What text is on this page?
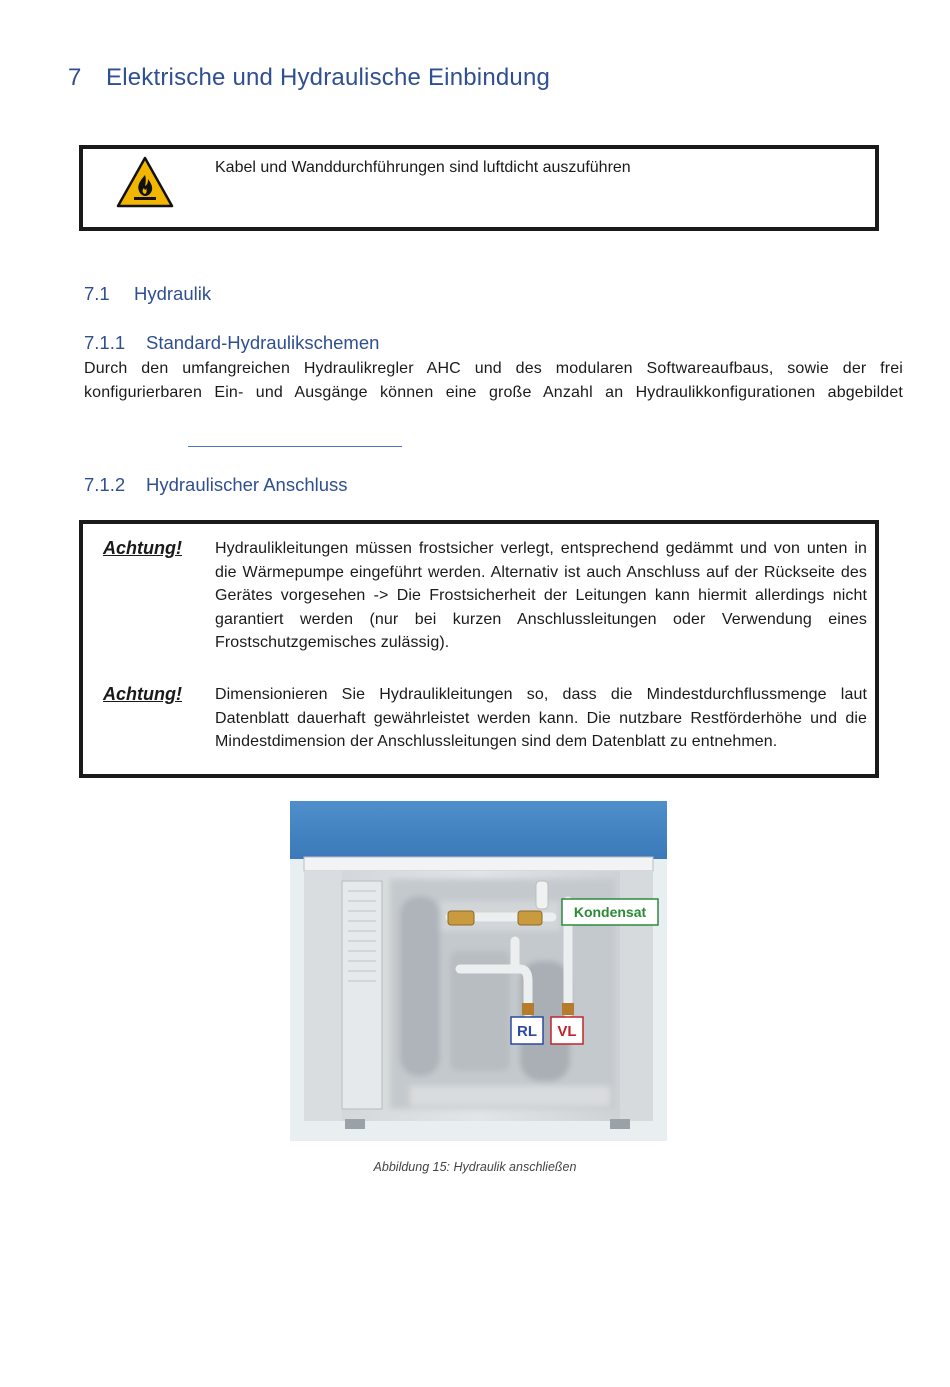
7 Elektrische und Hydraulische Einbindung
Kabel und Wanddurchführungen sind luftdicht auszuführen
7.1 Hydraulik
7.1.1 Standard-Hydraulikschemen
Durch den umfangreichen Hydraulikregler AHC und des modularen Softwareaufbaus, sowie der frei
konfigurierbaren Ein- und Ausgänge können eine große Anzahl an Hydraulikkonfigurationen abgebildet
7.1.2 Hydraulischer Anschluss
Achtung! Hydraulikleitungen müssen frostsicher verlegt, entsprechend gedämmt und von unten in die Wärmepumpe eingeführt werden. Alternativ ist auch Anschluss auf der Rückseite des Gerätes vorgesehen -> Die Frostsicherheit der Leitungen kann hiermit allerdings nicht garantiert werden (nur bei kurzen Anschlussleitungen oder Verwendung eines Frostschutzgemisches zulässig).
Achtung! Dimensionieren Sie Hydraulikleitungen so, dass die Mindestdurchflussmenge laut Datenblatt dauerhaft gewährleistet werden kann. Die nutzbare Restförderhöhe und die Mindestdimension der Anschlussleitungen sind dem Datenblatt zu entnehmen.
Kondensat
RL VL
Abbildung 15: Hydraulik anschließen
